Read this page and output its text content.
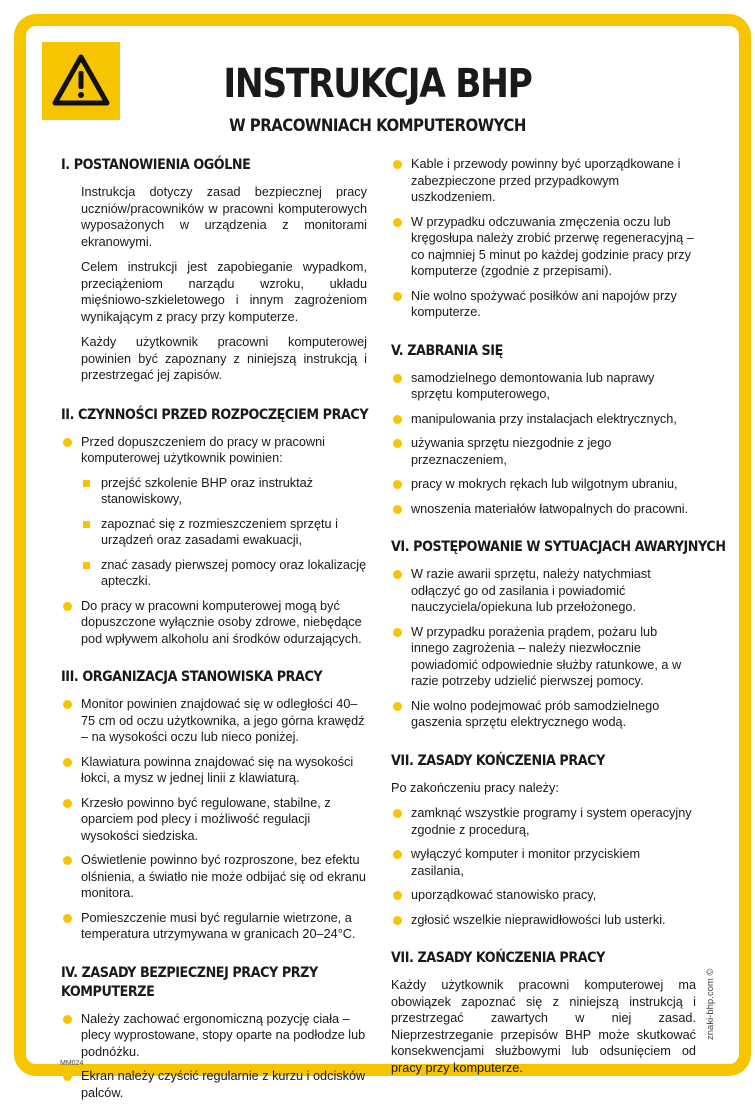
INSTRUKCJA BHP
W PRACOWNIACH KOMPUTEROWYCH
I. POSTANOWIENIA OGÓLNE
Instrukcja dotyczy zasad bezpiecznej pracy uczniów/pracowników w pracowni komputerowych wyposażonych w urządzenia z monitorami ekranowymi.
Celem instrukcji jest zapobieganie wypadkom, przeciążeniom narządu wzroku, układu mięśniowo-szkieletowego i innym zagrożeniom wynikającym z pracy przy komputerze.
Każdy użytkownik pracowni komputerowej powinien być zapoznany z niniejszą instrukcją i przestrzegać jej zapisów.
II. CZYNNOŚCI PRZED ROZPOCZĘCIEM PRACY
Przed dopuszczeniem do pracy w pracowni komputerowej użytkownik powinien:
przejść szkolenie BHP oraz instruktaż stanowiskowy,
zapoznać się z rozmieszczeniem sprzętu i urządzeń oraz zasadami ewakuacji,
znać zasady pierwszej pomocy oraz lokalizację apteczki.
Do pracy w pracowni komputerowej mogą być dopuszczone wyłącznie osoby zdrowe, niebędące pod wpływem alkoholu ani środków odurzających.
III. ORGANIZACJA STANOWISKA PRACY
Monitor powinien znajdować się w odległości 40–75 cm od oczu użytkownika, a jego górna krawędź – na wysokości oczu lub nieco poniżej.
Klawiatura powinna znajdować się na wysokości łokci, a mysz w jednej linii z klawiaturą.
Krzesło powinno być regulowane, stabilne, z oparciem pod plecy i możliwość regulacji wysokości siedziska.
Oświetlenie powinno być rozproszone, bez efektu olśnienia, a światło nie może odbijać się od ekranu monitora.
Pomieszczenie musi być regularnie wietrzone, a temperatura utrzymywana w granicach 20–24°C.
IV. ZASADY BEZPIECZNEJ PRACY PRZY KOMPUTERZE
Należy zachować ergonomiczną pozycję ciała – plecy wyprostowane, stopy oparte na podłodze lub podnóżku.
Ekran należy czyścić regularnie z kurzu i odcisków palców.
Kable i przewody powinny być uporządkowane i zabezpieczone przed przypadkowym uszkodzeniem.
W przypadku odczuwania zmęczenia oczu lub kręgosłupa należy zrobić przerwę regeneracyjną – co najmniej 5 minut po każdej godzinie pracy przy komputerze (zgodnie z przepisami).
Nie wolno spożywać posiłków ani napojów przy komputerze.
V. ZABRANIA SIĘ
samodzielnego demontowania lub naprawy sprzętu komputerowego,
manipulowania przy instalacjach elektrycznych,
używania sprzętu niezgodnie z jego przeznaczeniem,
pracy w mokrych rękach lub wilgotnym ubraniu,
wnoszenia materiałów łatwopalnych do pracowni.
VI. POSTĘPOWANIE W SYTUACJACH AWARYJNYCH
W razie awarii sprzętu, należy natychmiast odłączyć go od zasilania i powiadomić nauczyciela/opiekuna lub przełożonego.
W przypadku porażenia prądem, pożaru lub innego zagrożenia – należy niezwłocznie powiadomić odpowiednie służby ratunkowe, a w razie potrzeby udzielić pierwszej pomocy.
Nie wolno podejmować prób samodzielnego gaszenia sprzętu elektrycznego wodą.
VII. ZASADY KOŃCZENIA PRACY
Po zakończeniu pracy należy:
zamknąć wszystkie programy i system operacyjny zgodnie z procedurą,
wyłączyć komputer i monitor przyciskiem zasilania,
uporządkować stanowisko pracy,
zgłosić wszelkie nieprawidłowości lub usterki.
VII. ZASADY KOŃCZENIA PRACY
Każdy użytkownik pracowni komputerowej ma obowiązek zapoznać się z niniejszą instrukcją i przestrzegać zawartych w niej zasad. Nieprzestrzeganie przepisów BHP może skutkować konsekwencjami służbowymi lub odsunięciem od pracy przy komputerze.
znaki-bhp.com ©
MM024
